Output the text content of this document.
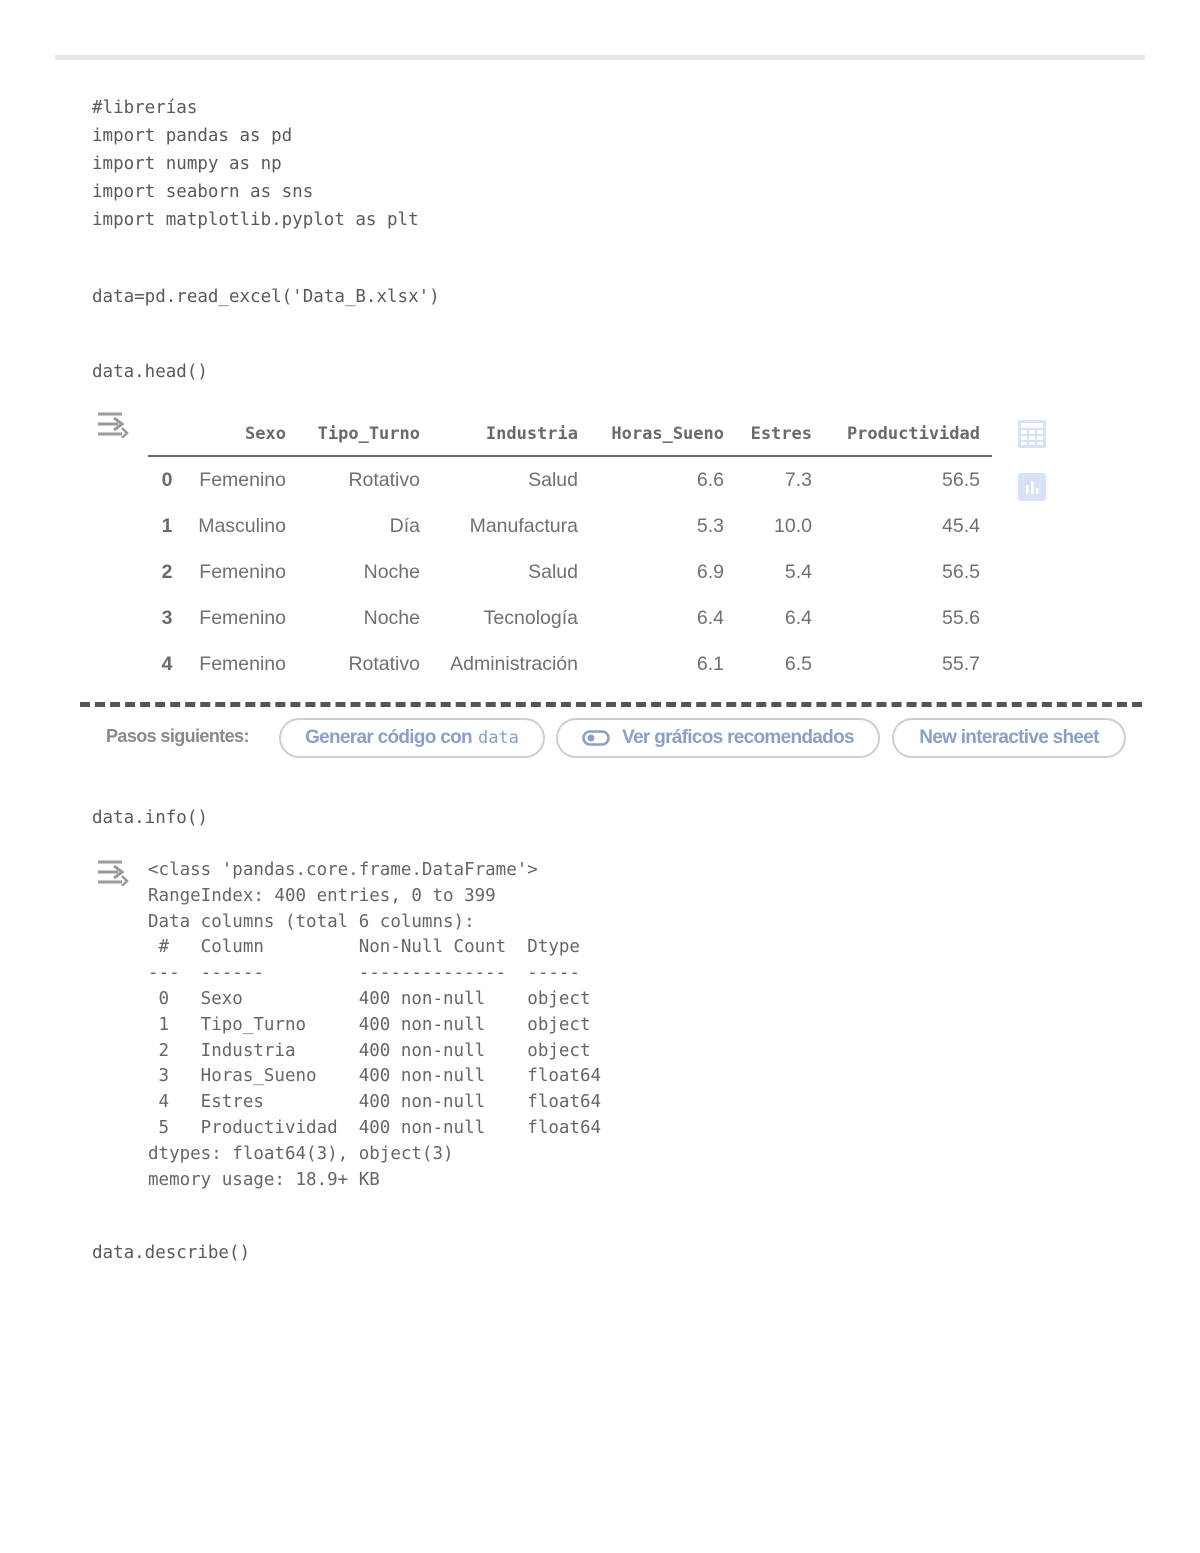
#librerías
import pandas as pd
import numpy as np
import seaborn as sns
import matplotlib.pyplot as plt
data=pd.read_excel('Data_B.xlsx')
data.head()
	Sexo	Tipo_Turno	Industria	Horas_Sueno	Estres	Productividad
0	Femenino	Rotativo	Salud	6.6	7.3	56.5
1	Masculino	Día	Manufactura	5.3	10.0	45.4
2	Femenino	Noche	Salud	6.9	5.4	56.5
3	Femenino	Noche	Tecnología	6.4	6.4	55.6
4	Femenino	Rotativo	Administración	6.1	6.5	55.7
Pasos siguientes:	Generar código con data	Ver gráficos recomendados	New interactive sheet
data.info()
<class 'pandas.core.frame.DataFrame'>
RangeIndex: 400 entries, 0 to 399
Data columns (total 6 columns):
#   Column         Non-Null Count  Dtype
---  ------         --------------  -----
0   Sexo           400 non-null    object
1   Tipo_Turno     400 non-null    object
2   Industria      400 non-null    object
3   Horas_Sueno    400 non-null    float64
4   Estres         400 non-null    float64
5   Productividad  400 non-null    float64
dtypes: float64(3), object(3)
memory usage: 18.9+ KB
data.describe()
